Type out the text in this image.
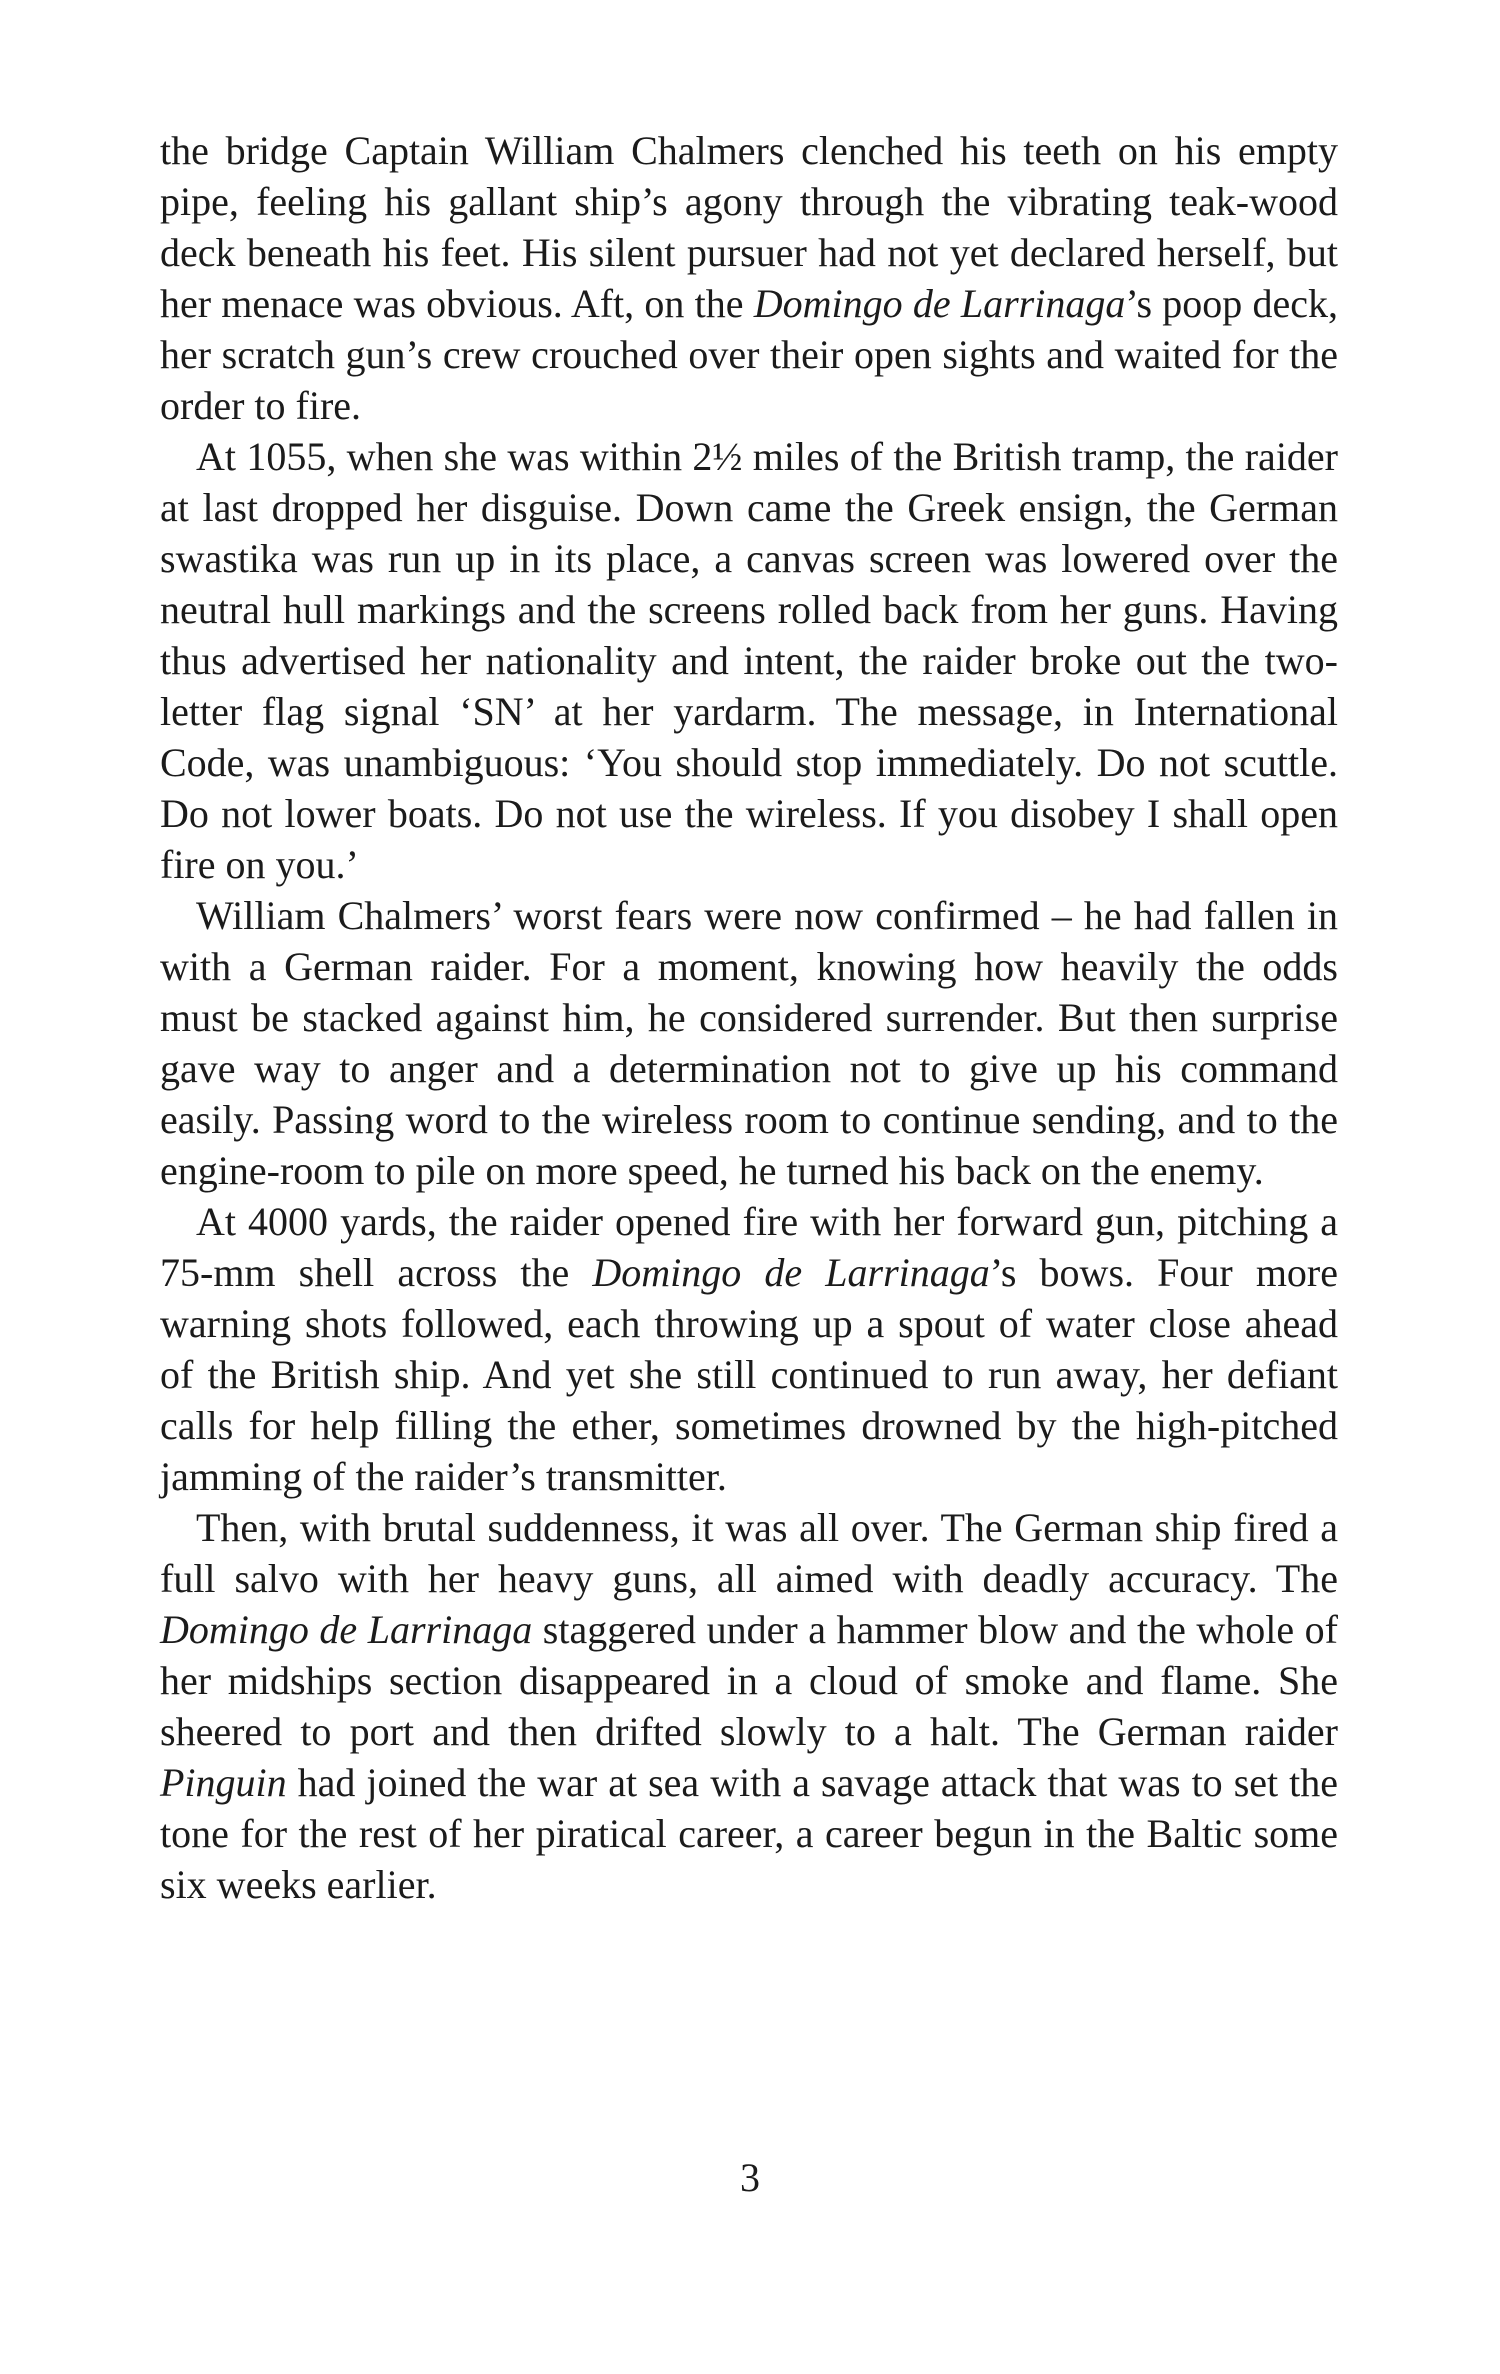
the bridge Captain William Chalmers clenched his teeth on his empty pipe, feeling his gallant ship’s agony through the vibrating teak-wood deck beneath his feet. His silent pursuer had not yet declared herself, but her menace was obvious. Aft, on the Domingo de Larrinaga’s poop deck, her scratch gun’s crew crouched over their open sights and waited for the order to fire.

At 1055, when she was within 2½ miles of the British tramp, the raider at last dropped her disguise. Down came the Greek ensign, the German swastika was run up in its place, a canvas screen was lowered over the neutral hull markings and the screens rolled back from her guns. Having thus advertised her nationality and intent, the raider broke out the two-letter flag signal ‘SN’ at her yardarm. The message, in International Code, was unambiguous: ‘You should stop immediately. Do not scuttle. Do not lower boats. Do not use the wireless. If you disobey I shall open fire on you.’

William Chalmers’ worst fears were now confirmed – he had fallen in with a German raider. For a moment, knowing how heavily the odds must be stacked against him, he considered surrender. But then surprise gave way to anger and a determination not to give up his command easily. Passing word to the wireless room to continue sending, and to the engine-room to pile on more speed, he turned his back on the enemy.

At 4000 yards, the raider opened fire with her forward gun, pitching a 75-mm shell across the Domingo de Larrinaga’s bows. Four more warning shots followed, each throwing up a spout of water close ahead of the British ship. And yet she still continued to run away, her defiant calls for help filling the ether, sometimes drowned by the high-pitched jamming of the raider’s transmitter.

Then, with brutal suddenness, it was all over. The German ship fired a full salvo with her heavy guns, all aimed with deadly accuracy. The Domingo de Larrinaga staggered under a hammer blow and the whole of her midships section disappeared in a cloud of smoke and flame. She sheered to port and then drifted slowly to a halt. The German raider Pinguin had joined the war at sea with a savage attack that was to set the tone for the rest of her piratical career, a career begun in the Baltic some six weeks earlier.

3
